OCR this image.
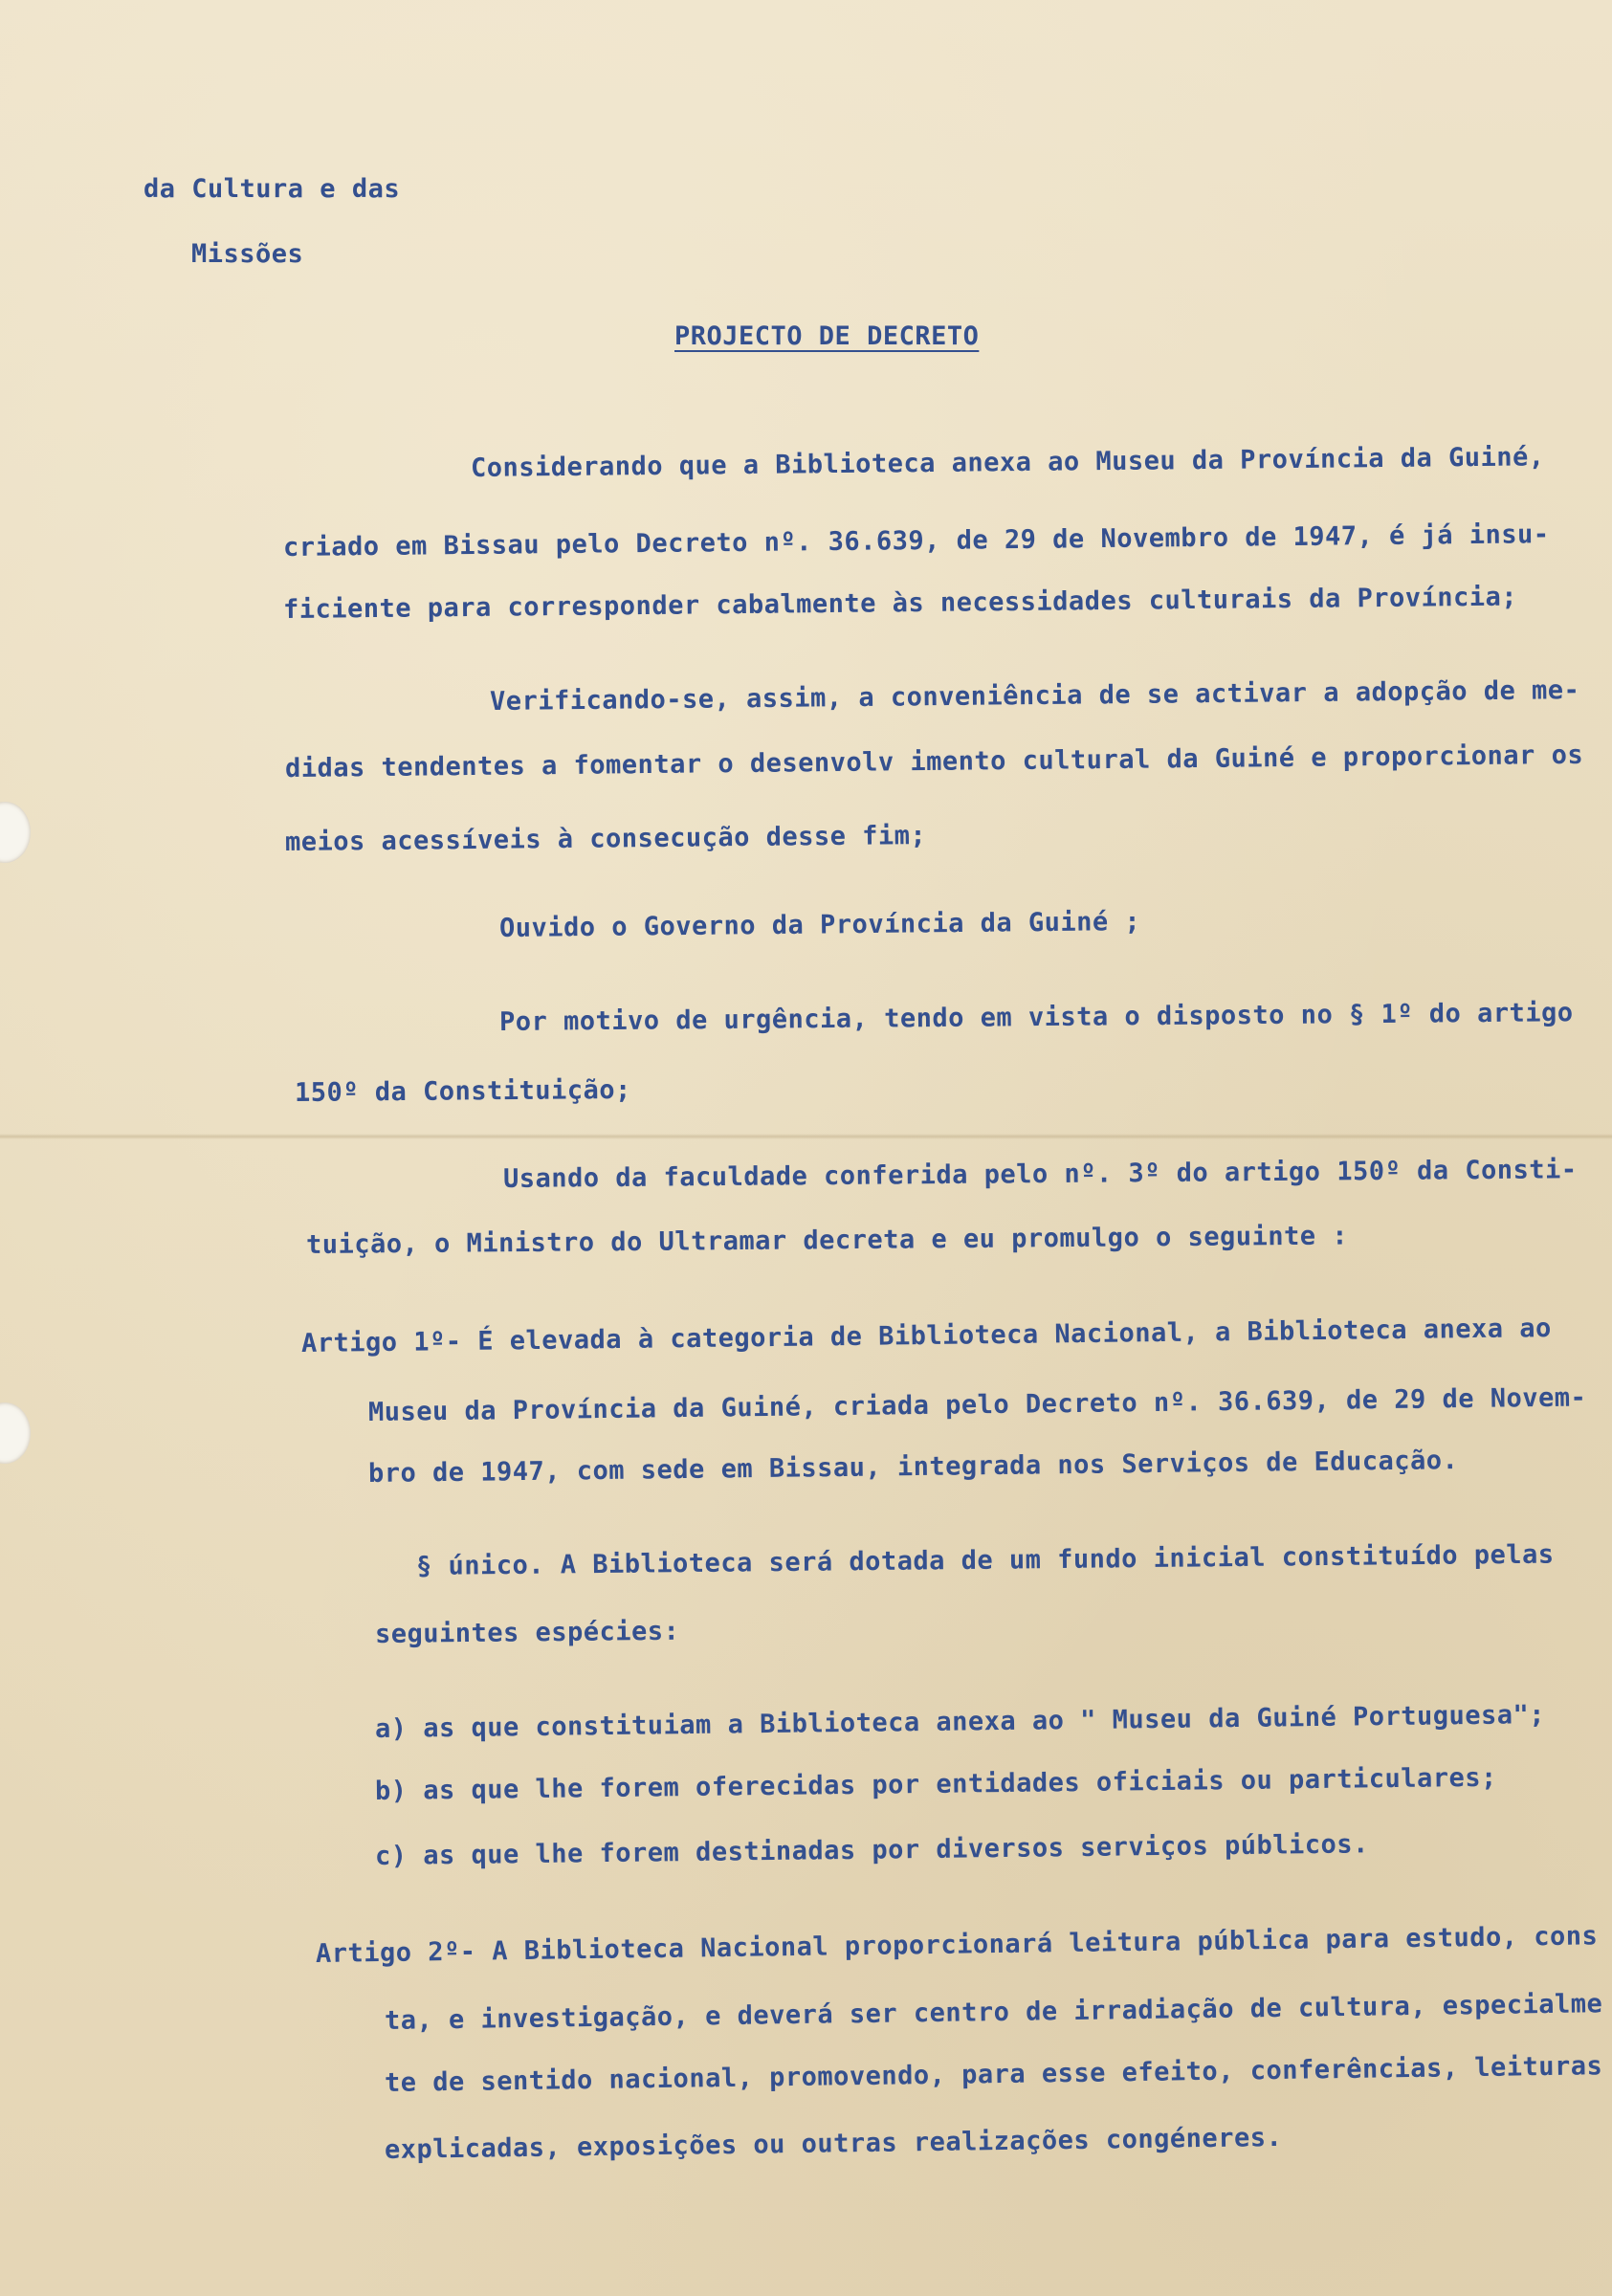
da Cultura e das
Missões
PROJECTO DE DECRETO
Considerando que a Biblioteca anexa ao Museu da Província da Guiné,
criado em Bissau pelo Decreto nº. 36.639, de 29 de Novembro de 1947, é já insu-
ficiente para corresponder cabalmente às necessidades culturais da Província;
Verificando-se, assim, a conveniência de se activar a adopção de me-
didas tendentes a fomentar o desenvolv imento cultural da Guiné e proporcionar os
meios acessíveis à consecução desse fim;
Ouvido o Governo da Província da Guiné ;
Por motivo de urgência, tendo em vista o disposto no § 1º do artigo
150º da Constituição;
Usando da faculdade conferida pelo nº. 3º do artigo 150º da Consti-
tuição, o Ministro do Ultramar decreta e eu promulgo o seguinte :
Artigo 1º- É elevada à categoria de Biblioteca Nacional, a Biblioteca anexa ao
Museu da Província da Guiné, criada pelo Decreto nº. 36.639, de 29 de Novem-
bro de 1947, com sede em Bissau, integrada nos Serviços de Educação.
§ único. A Biblioteca será dotada de um fundo inicial constituído pelas
seguintes espécies:
a) as que constituiam a Biblioteca anexa ao " Museu da Guiné Portuguesa";
b) as que lhe forem oferecidas por entidades oficiais ou particulares;
c) as que lhe forem destinadas por diversos serviços públicos.
Artigo 2º- A Biblioteca Nacional proporcionará leitura pública para estudo, cons
ta, e investigação, e deverá ser centro de irradiação de cultura, especialme
te de sentido nacional, promovendo, para esse efeito, conferências, leituras
explicadas, exposições ou outras realizações congéneres.
